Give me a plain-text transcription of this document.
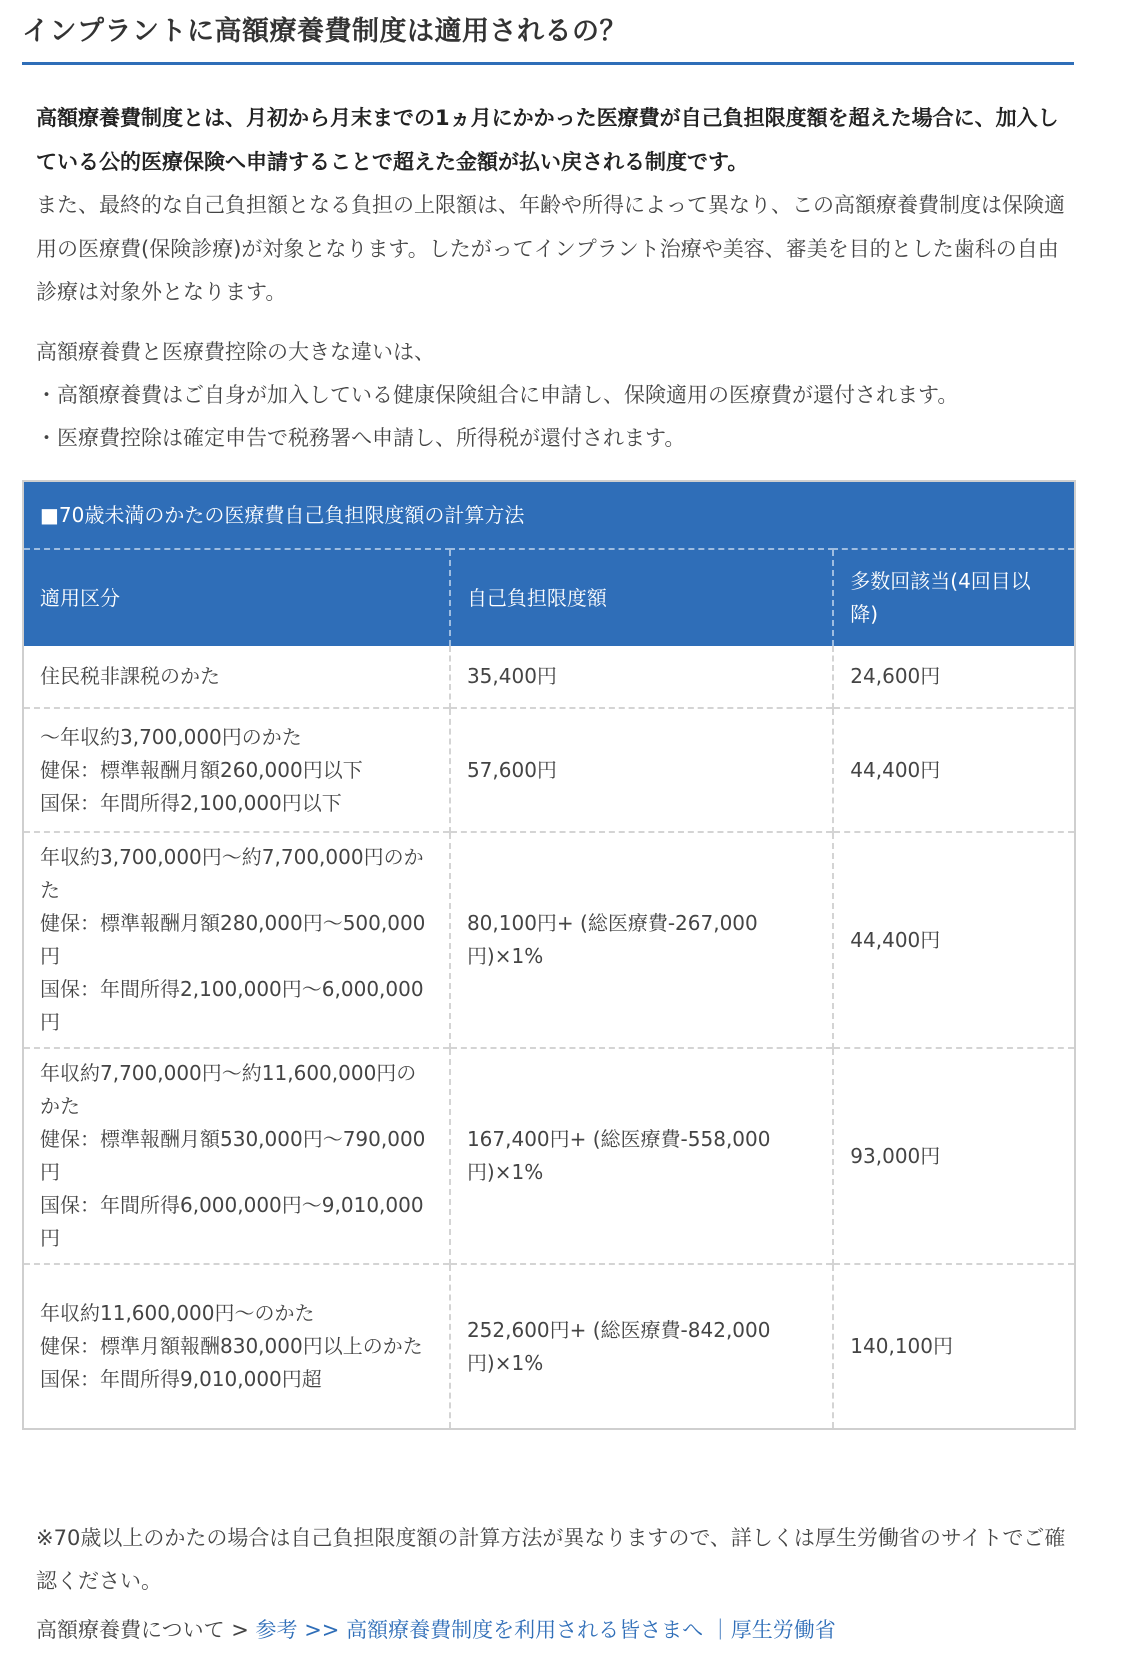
インプラントに高額療養費制度は適用されるの？
高額療養費制度とは、月初から月末までの1ヵ月にかかった医療費が自己負担限度額を超えた場合に、加入している公的医療保険へ申請することで超えた金額が払い戻される制度です。
また、最終的な自己負担額となる負担の上限額は、年齢や所得によって異なり、この高額療養費制度は保険適用の医療費(保険診療)が対象となります。したがってインプラント治療や美容、審美を目的とした歯科の自由診療は対象外となります。

高額療養費と医療費控除の大きな違いは、

・高額療養費はご自身が加入している健康保険組合に申請し、保険適用の医療費が還付されます。

・医療費控除は確定申告で税務署へ申請し、所得税が還付されます。

■70歳未満のかたの医療費自己負担限度額の計算方法		
適用区分	自己負担限度額	多数回該当(4回目以降)

住民税非課税のかた	35,400円	24,600円

～年収約3,700,000円のかた
健保：標準報酬月額260,000円以下
国保：年間所得2,100,000円以下	57,600円	44,400円

年収約3,700,000円～約7,700,000円のかた
健保：標準報酬月額280,000円～500,000円
国保：年間所得2,100,000円～6,000,000円	80,100円+ (総医療費-267,000円)×1%	44,400円

年収約7,700,000円～約11,600,000円のかた
健保：標準報酬月額530,000円～790,000円
国保：年間所得6,000,000円～9,010,000円	167,400円+ (総医療費-558,000円)×1%	93,000円

年収約11,600,000円～のかた
健保：標準月額報酬830,000円以上のかた
国保：年間所得9,010,000円超	252,600円+ (総医療費-842,000円)×1%	140,100円
※70歳以上のかたの場合は自己負担限度額の計算方法が異なりますので、詳しくは厚生労働省のサイトでご確認ください。
高額療養費について > 参考 >> 高額療養費制度を利用される皆さまへ ｜厚生労働省
